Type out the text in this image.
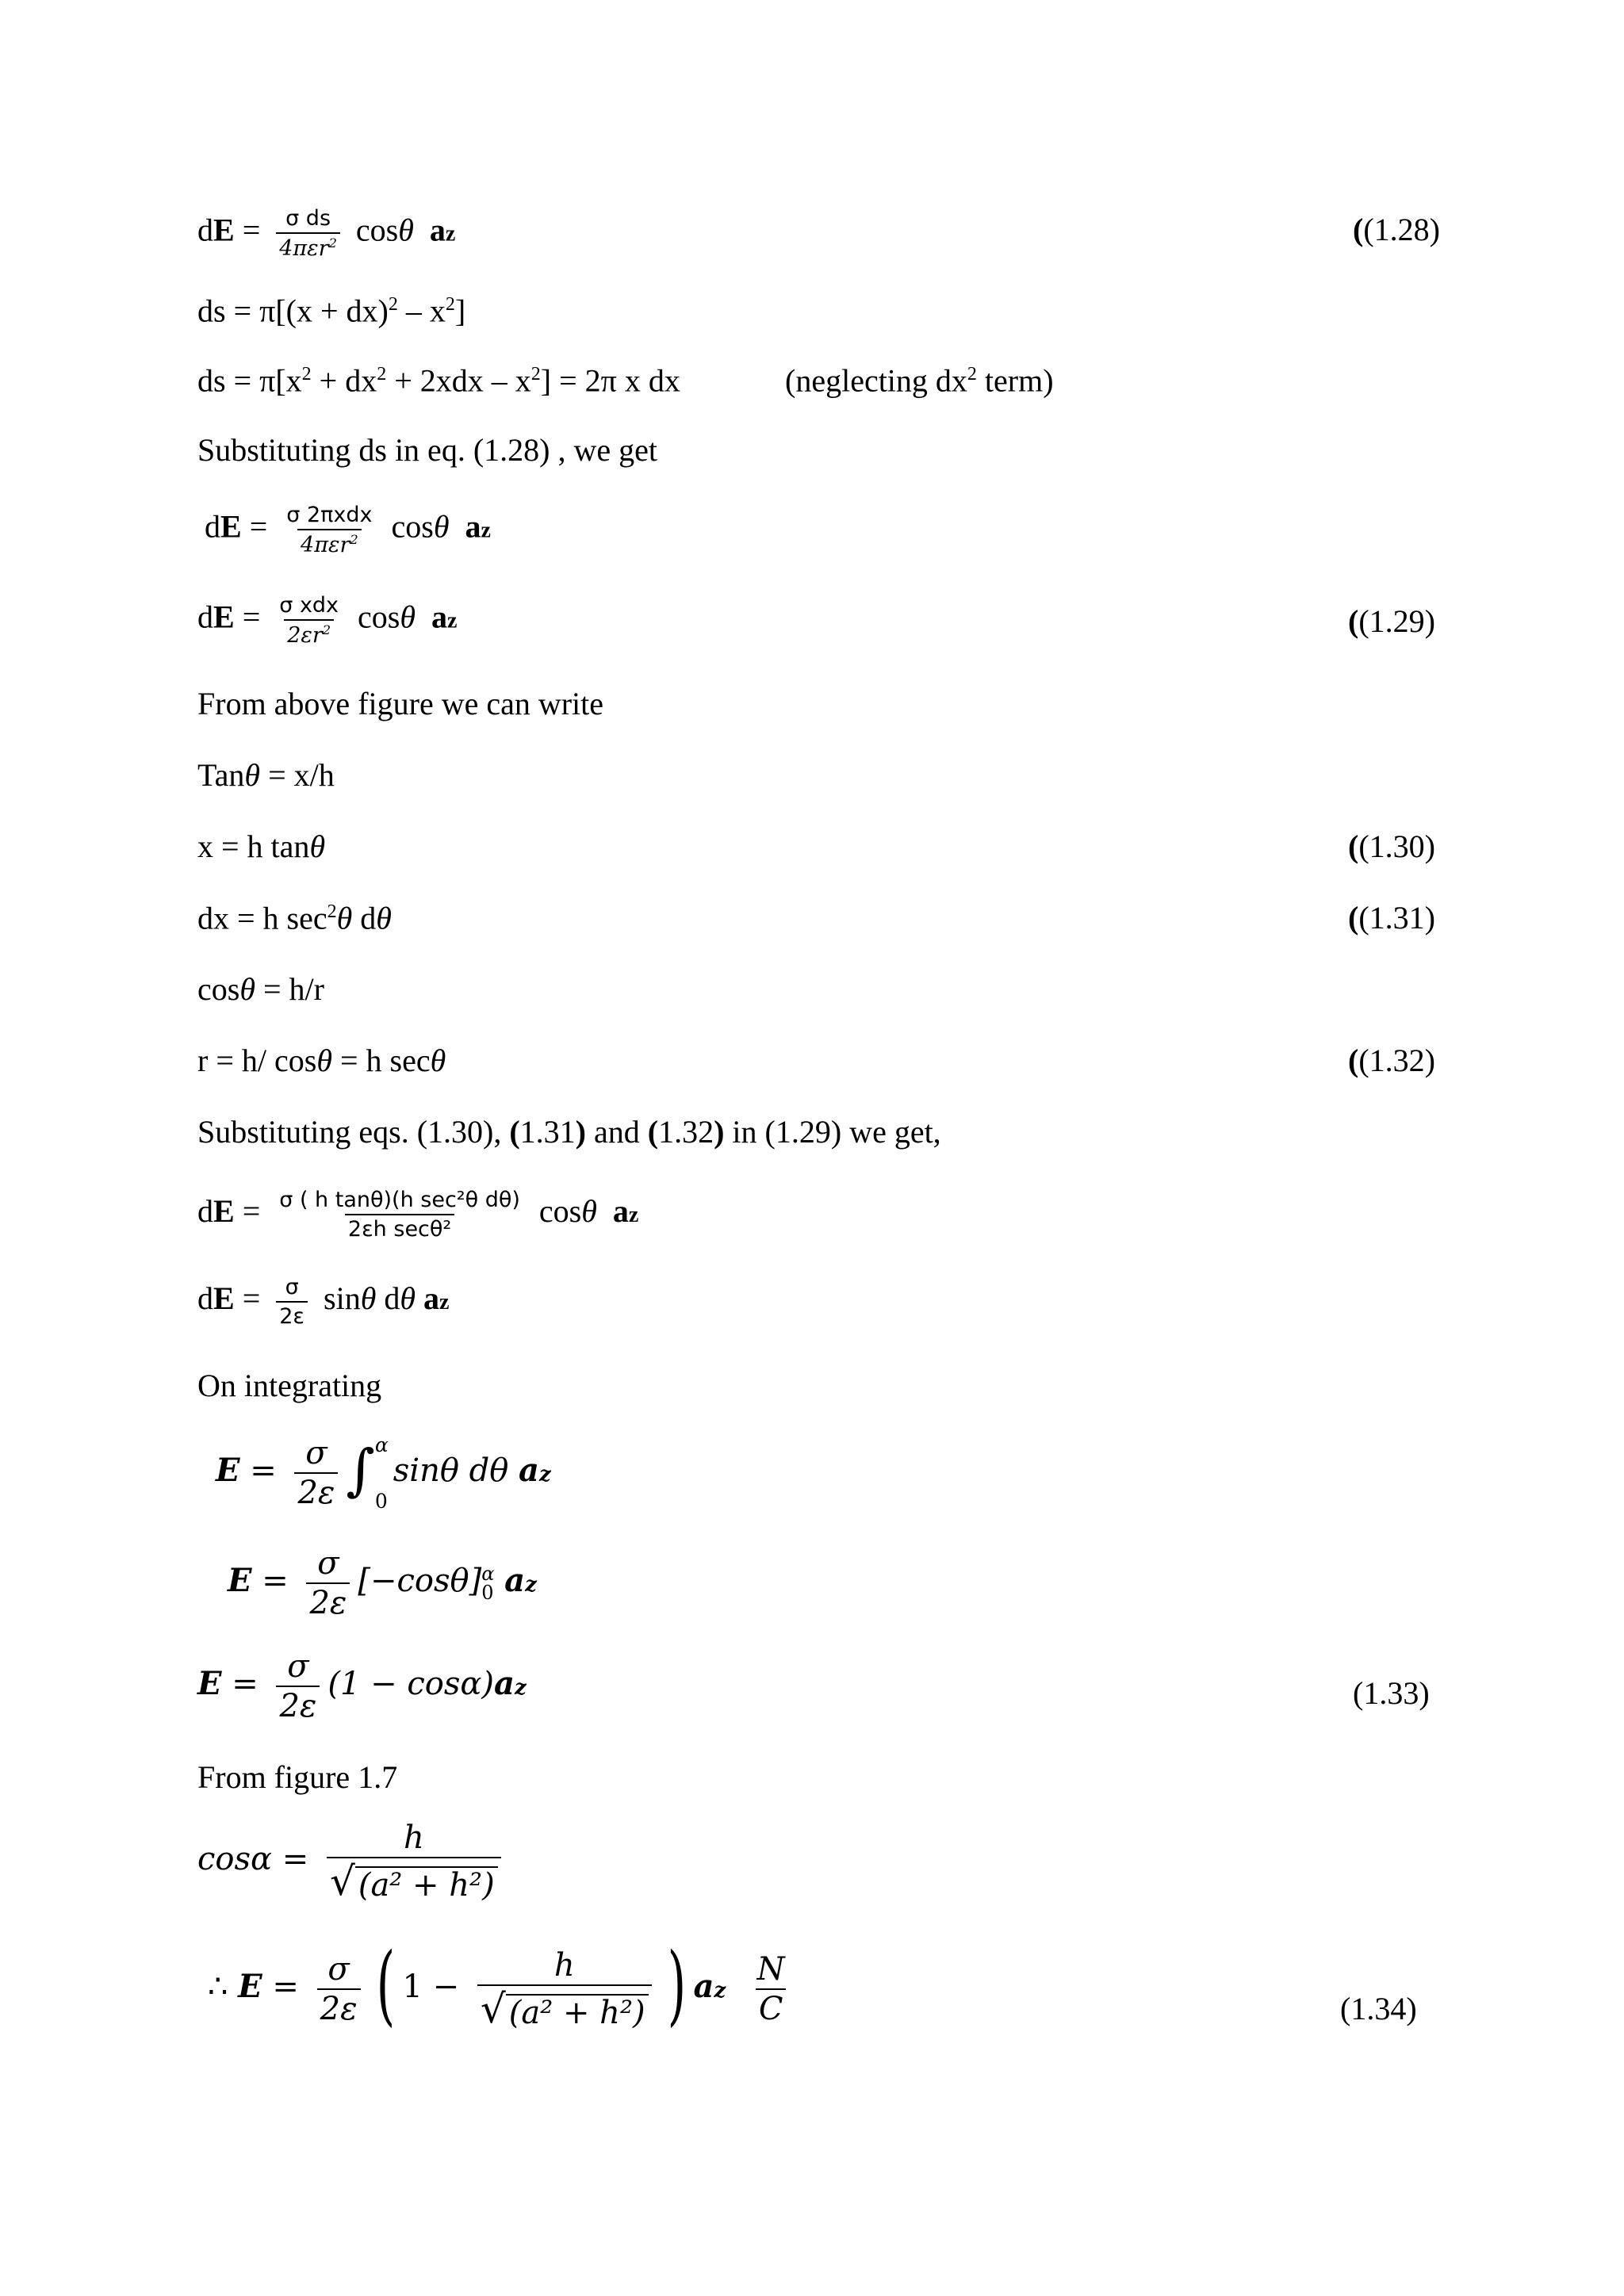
dE = $\frac{\text{σ ds}}{4\pi\varepsilon r^2}$ cosθ az	((1.28)
ds = $\pi[(x + dx)^2 - x^2]$
ds = $\pi[x^2 + dx^2 + 2xdx - x^2] = 2\pi$ x dx	(neglecting $dx^2$ term)
Substituting ds in eq. (1.28) , we get
dE = $\frac{\text{σ 2πxdx}}{4\pi\varepsilon r^2}$ cosθ az
dE = $\frac{\text{σ xdx}}{2\varepsilon r^2}$ cosθ az	((1.29)
From above figure we can write
Tanθ = x/h
x = h tanθ	((1.30)
dx = h $\sec^2\theta$ dθ	((1.31)
cosθ = h/r
r = h/ cosθ = h secθ	((1.32)
Substituting eqs. (1.30), (1.31) and (1.32) in (1.29) we get,
dE = $\frac{\text{σ ( h tanθ)(h sec²θ dθ)}}{\text{2εh secθ²}}$ cosθ az
dE = $\frac{\sigma}{2\varepsilon}$ sinθ dθ az
On integrating
$E = \frac{\sigma}{2\varepsilon}$ ∫ α
0
sinθ dθ az
$E = \frac{\sigma}{2\varepsilon} [-\cos\theta]$ α
0 az
$E = \frac{\sigma}{2\varepsilon} (1 - \cos\alpha)az$	(1.33)
From figure 1.7
$\cos\alpha = \frac{h}{\text{√ (a² + h²)}}$
∴ $E = \frac{\sigma}{2\varepsilon}$ ( $1 - \frac{h}{\text{√ (a² + h²)}}$ ) az $\frac{N}{C}$	(1.34)
